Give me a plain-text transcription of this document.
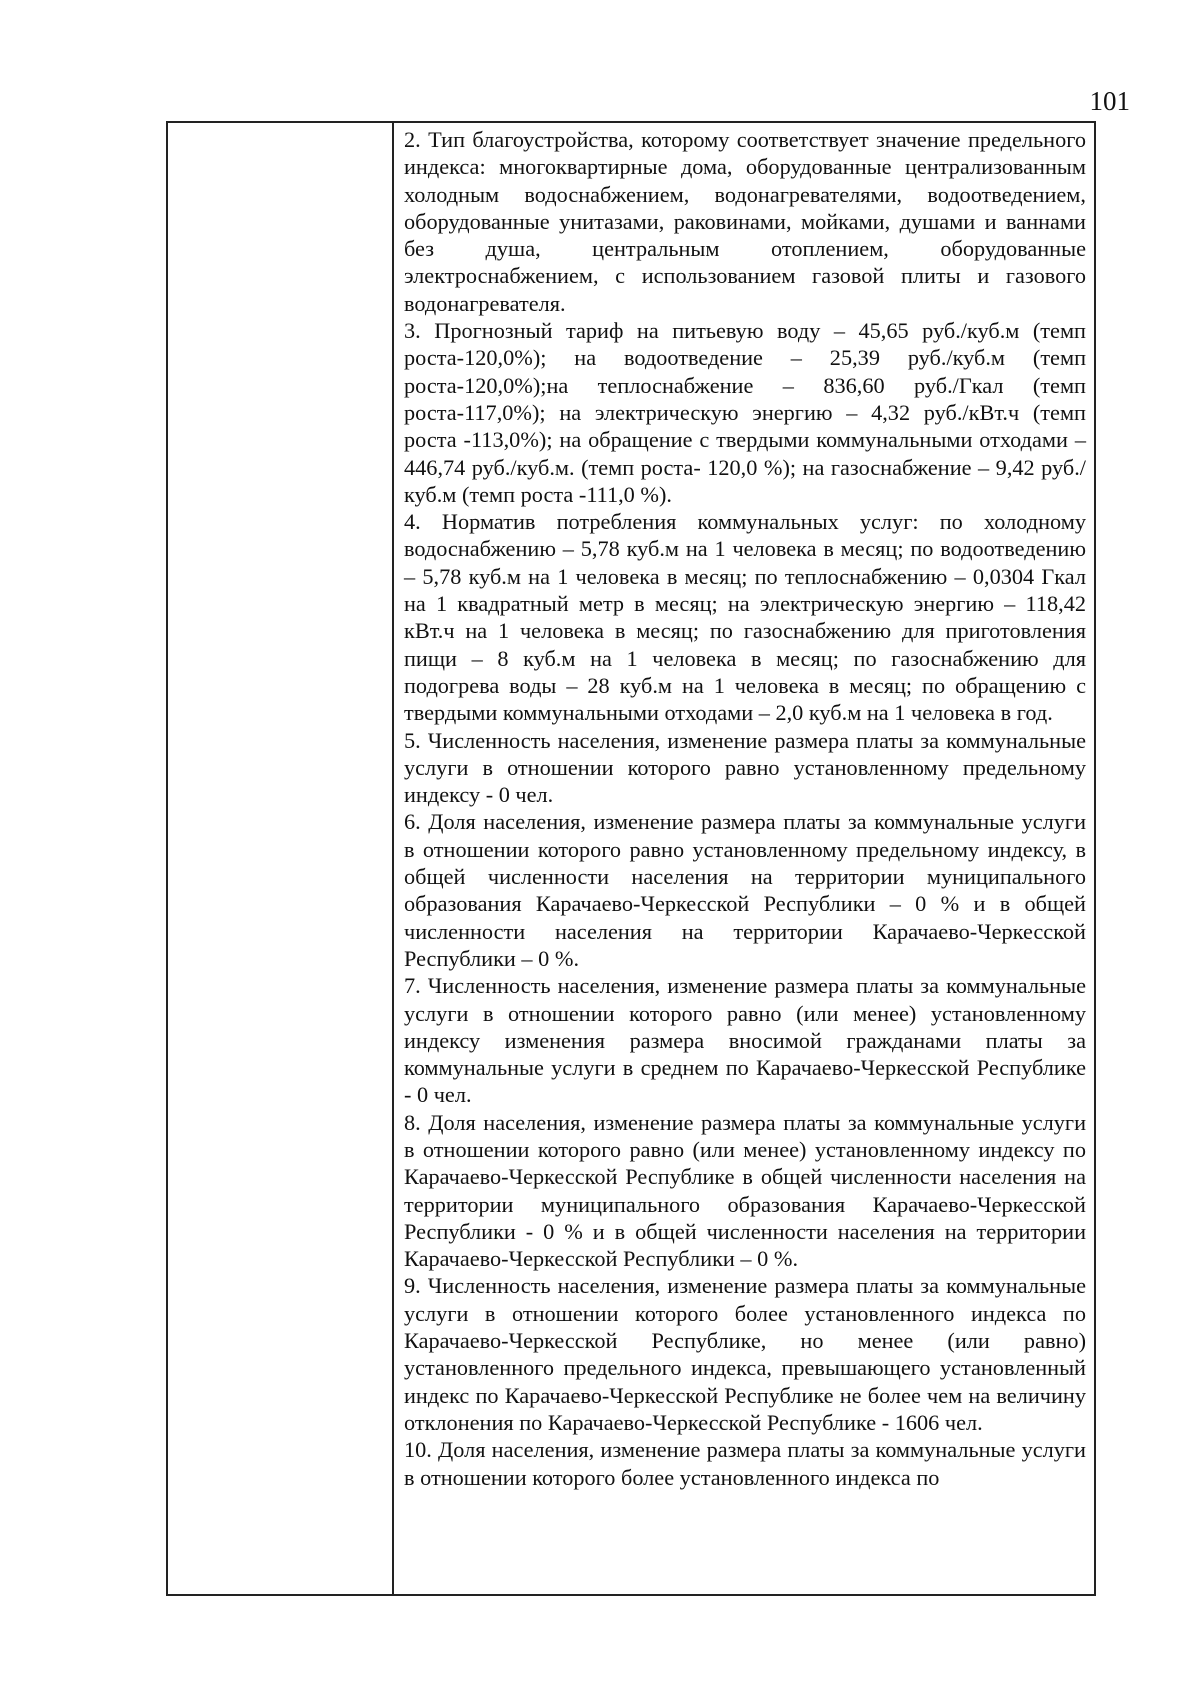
101

2. Тип благоустройства, которому соответствует значение предельного индекса: многоквартирные дома, оборудованные централизованным холодным водоснабжением, водонагревателями, водоотведением, оборудованные унитазами, раковинами, мойками, душами и ваннами без душа, центральным отоплением, оборудованные электроснабжением, с использованием газовой плиты и газового водонагревателя.

3. Прогнозный тариф на питьевую воду – 45,65 руб./куб.м (темп роста-120,0%); на водоотведение – 25,39 руб./куб.м (темп роста-120,0%);на теплоснабжение – 836,60 руб./Гкал (темп роста-117,0%); на электрическую энергию – 4,32 руб./кВт.ч (темп роста -113,0%); на обращение с твердыми коммунальными отходами – 446,74 руб./куб.м. (темп роста- 120,0 %); на газоснабжение – 9,42 руб./куб.м (темп роста -111,0 %).

4. Норматив потребления коммунальных услуг: по холодному водоснабжению – 5,78 куб.м на 1 человека в месяц; по водоотведению – 5,78 куб.м на 1 человека в месяц; по теплоснабжению – 0,0304 Гкал на 1 квадратный метр в месяц; на электрическую энергию – 118,42 кВт.ч на 1 человека в месяц; по газоснабжению для приготовления пищи – 8 куб.м на 1 человека в месяц; по газоснабжению для подогрева воды – 28 куб.м на 1 человека в месяц; по обращению с твердыми коммунальными отходами – 2,0 куб.м на 1 человека в год.

5. Численность населения, изменение размера платы за коммунальные услуги в отношении которого равно установленному предельному индексу - 0 чел.

6. Доля населения, изменение размера платы за коммунальные услуги в отношении которого равно установленному предельному индексу, в общей численности населения на территории муниципального образования Карачаево-Черкесской Республики – 0 % и в общей численности населения на территории Карачаево-Черкесской Республики – 0 %.

7. Численность населения, изменение размера платы за коммунальные услуги в отношении которого равно (или менее) установленному индексу изменения размера вносимой гражданами платы за коммунальные услуги в среднем по Карачаево-Черкесской Республике - 0 чел.

8. Доля населения, изменение размера платы за коммунальные услуги в отношении которого равно (или менее) установленному индексу по Карачаево-Черкесской Республике в общей численности населения на территории муниципального образования Карачаево-Черкесской Республики - 0 % и в общей численности населения на территории Карачаево-Черкесской Республики – 0 %.

9. Численность населения, изменение размера платы за коммунальные услуги в отношении которого более установленного индекса по Карачаево-Черкесской Республике, но менее (или равно) установленного предельного индекса, превышающего установленный индекс по Карачаево-Черкесской Республике не более чем на величину отклонения по Карачаево-Черкесской Республике - 1606 чел.

10. Доля населения, изменение размера платы за коммунальные услуги в отношении которого более установленного индекса по
